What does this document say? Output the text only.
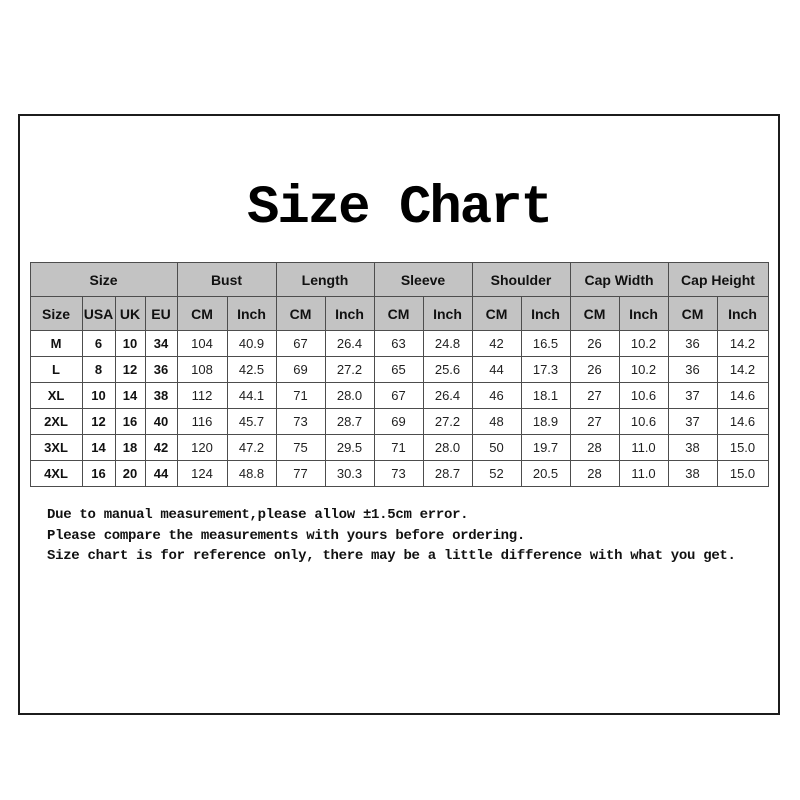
Size Chart
Size				Bust		Length		Sleeve		Shoulder		Cap Width		Cap Height	
Size	USA	UK	EU	CM	Inch	CM	Inch	CM	Inch	CM	Inch	CM	Inch	CM	Inch
M	6	10	34	104	40.9	67	26.4	63	24.8	42	16.5	26	10.2	36	14.2
L	8	12	36	108	42.5	69	27.2	65	25.6	44	17.3	26	10.2	36	14.2
XL	10	14	38	112	44.1	71	28.0	67	26.4	46	18.1	27	10.6	37	14.6
2XL	12	16	40	116	45.7	73	28.7	69	27.2	48	18.9	27	10.6	37	14.6
3XL	14	18	42	120	47.2	75	29.5	71	28.0	50	19.7	28	11.0	38	15.0
4XL	16	20	44	124	48.8	77	30.3	73	28.7	52	20.5	28	11.0	38	15.0
Due to manual measurement,please allow ±1.5cm error.
Please compare the measurements with yours before ordering.
Size chart is for reference only, there may be a little difference with what you get.
